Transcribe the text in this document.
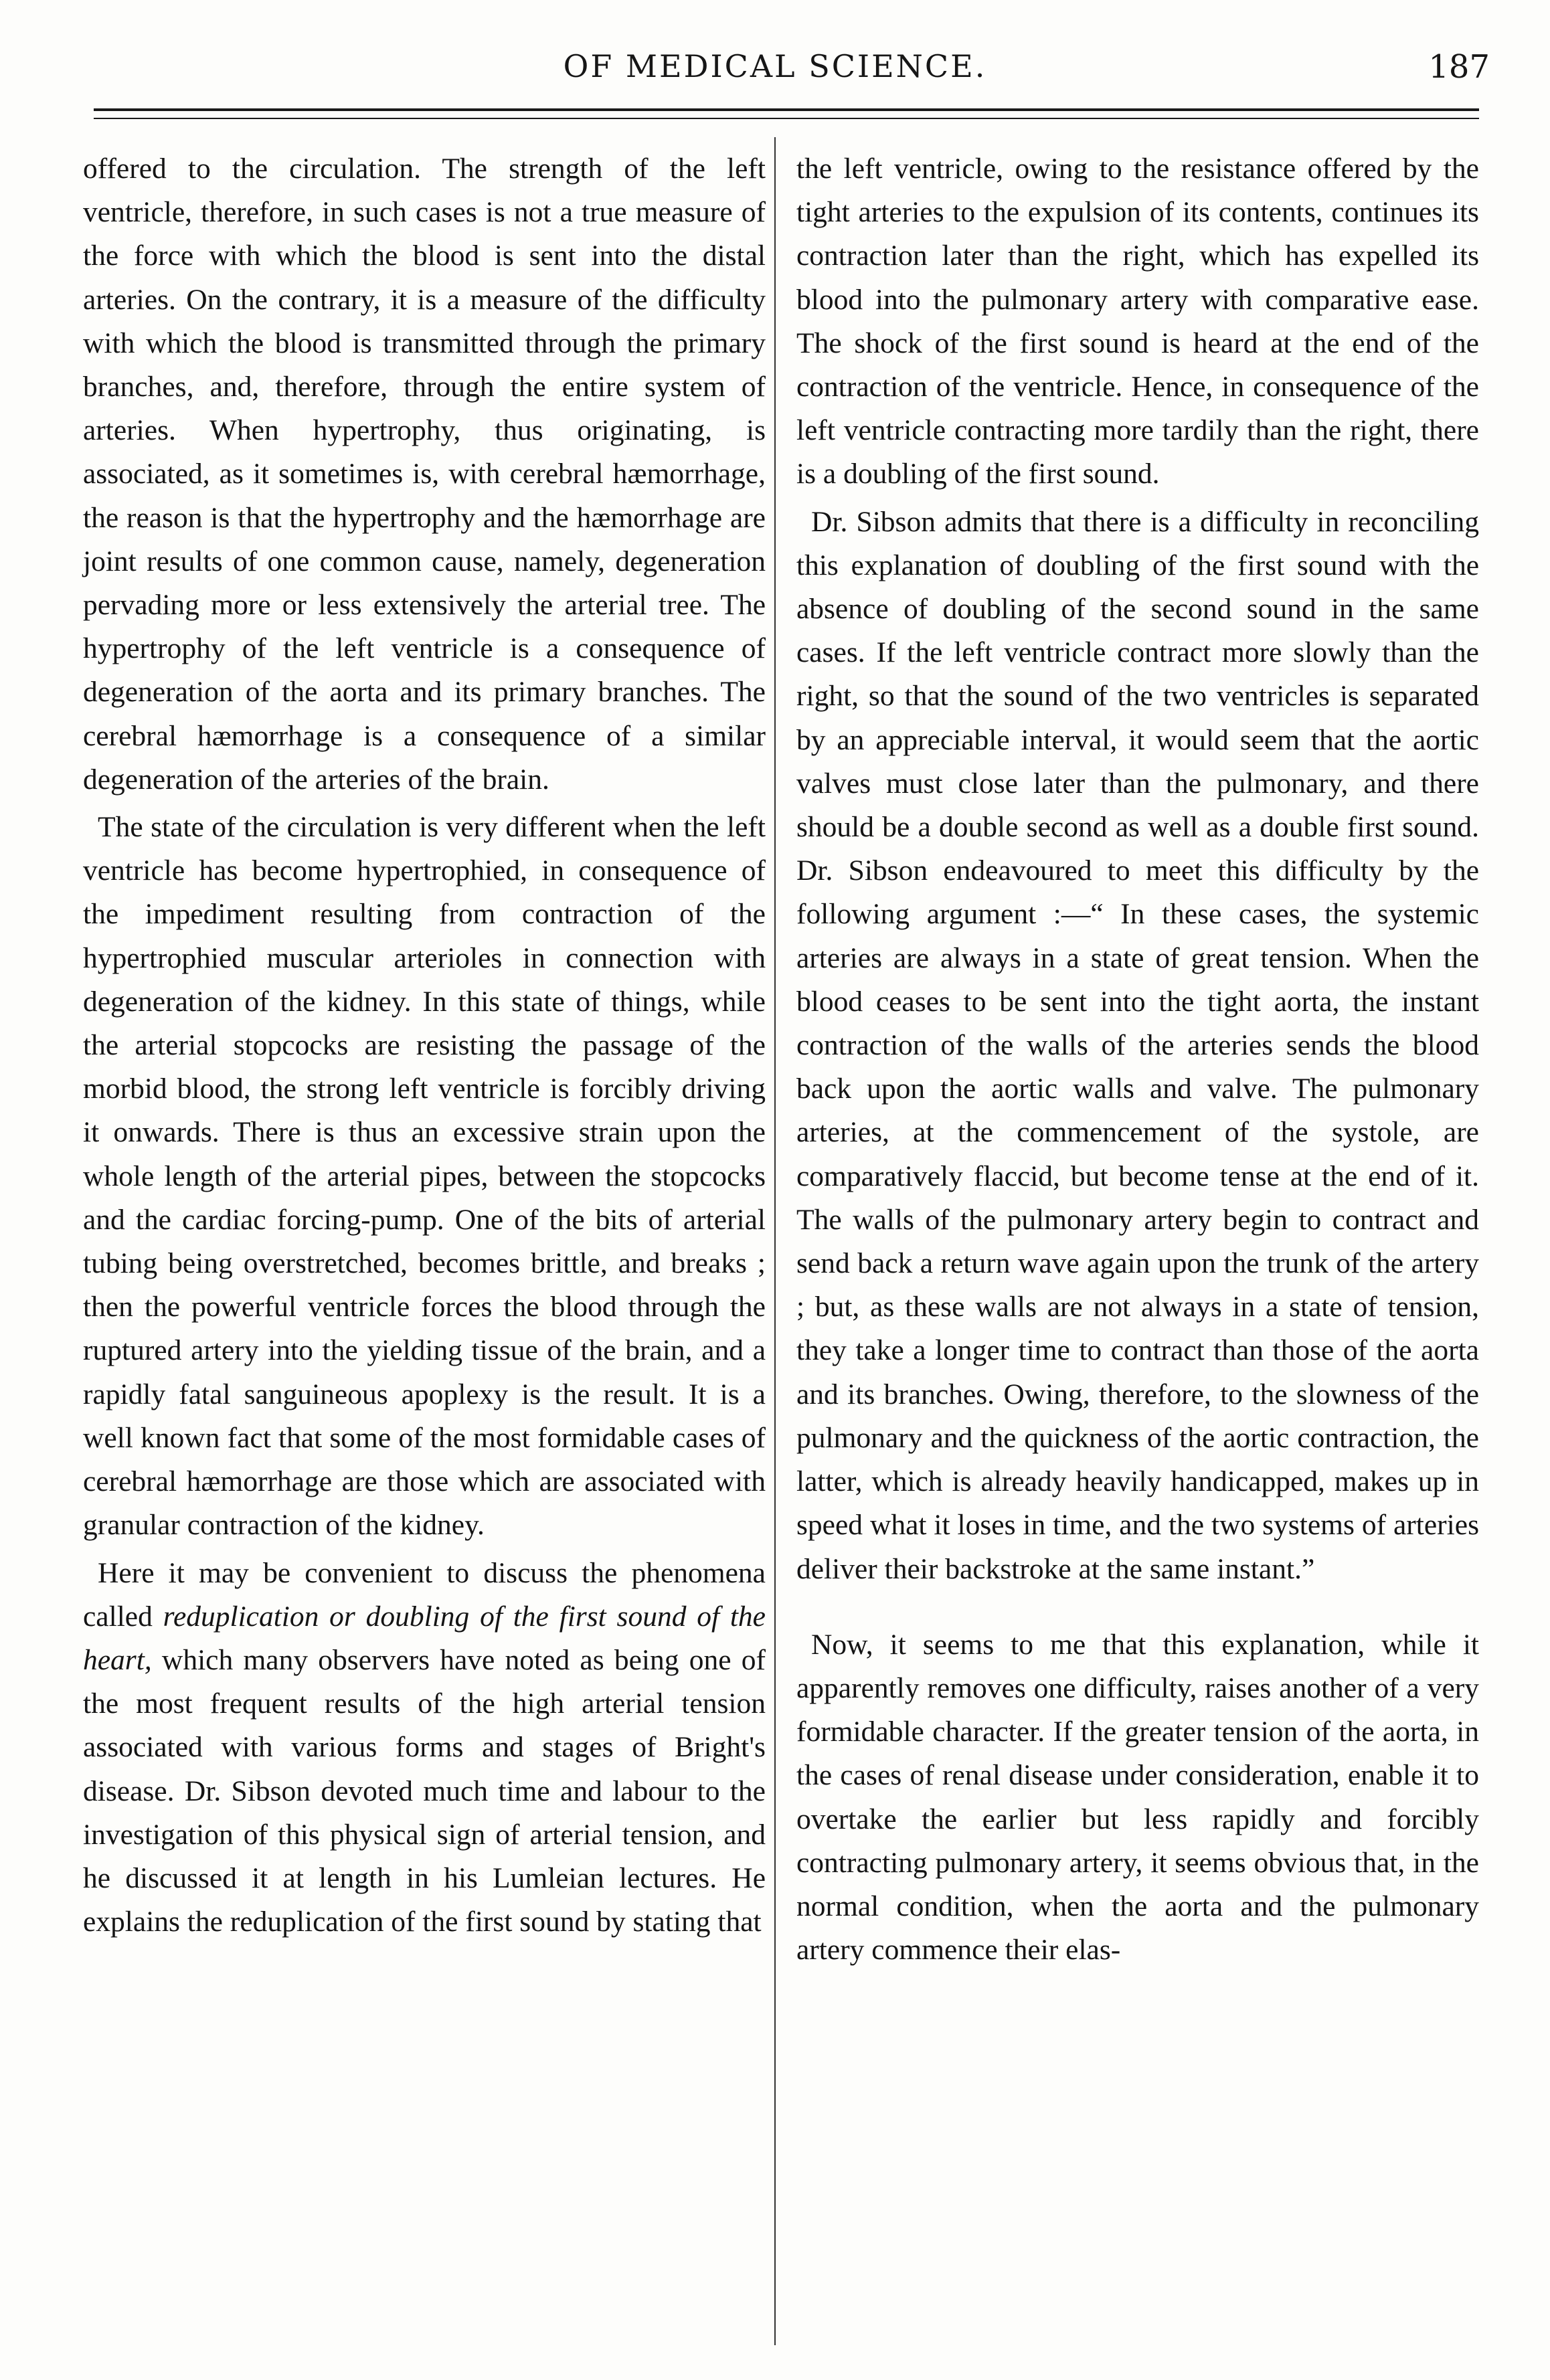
OF MEDICAL SCIENCE.	187

offered to the circulation. The strength of the left ventricle, therefore, in such cases is not a true measure of the force with which the blood is sent into the distal arteries. On the contrary, it is a measure of the difficulty with which the blood is transmitted through the primary branches, and, therefore, through the entire system of arteries. When hypertrophy, thus originating, is associated, as it sometimes is, with cerebral hæmorrhage, the reason is that the hypertrophy and the hæmorrhage are joint results of one common cause, namely, degeneration pervading more or less extensively the arterial tree. The hypertrophy of the left ventricle is a consequence of degeneration of the aorta and its primary branches. The cerebral hæmorrhage is a consequence of a similar degeneration of the arteries of the brain.

The state of the circulation is very different when the left ventricle has become hypertrophied, in consequence of the impediment resulting from contraction of the hypertrophied muscular arterioles in connection with degeneration of the kidney. In this state of things, while the arterial stopcocks are resisting the passage of the morbid blood, the strong left ventricle is forcibly driving it onwards. There is thus an excessive strain upon the whole length of the arterial pipes, between the stopcocks and the cardiac forcing-pump. One of the bits of arterial tubing being overstretched, becomes brittle, and breaks ; then the powerful ventricle forces the blood through the ruptured artery into the yielding tissue of the brain, and a rapidly fatal sanguineous apoplexy is the result. It is a well known fact that some of the most formidable cases of cerebral hæmorrhage are those which are associated with granular contraction of the kidney.

Here it may be convenient to discuss the phenomena called reduplication or doubling of the first sound of the heart, which many observers have noted as being one of the most frequent results of the high arterial tension associated with various forms and stages of Bright's disease. Dr. Sibson devoted much time and labour to the investigation of this physical sign of arterial tension, and he discussed it at length in his Lumleian lectures. He explains the reduplication of the first sound by stating that

the left ventricle, owing to the resistance offered by the tight arteries to the expulsion of its contents, continues its contraction later than the right, which has expelled its blood into the pulmonary artery with comparative ease. The shock of the first sound is heard at the end of the contraction of the ventricle. Hence, in consequence of the left ventricle contracting more tardily than the right, there is a doubling of the first sound.

Dr. Sibson admits that there is a difficulty in reconciling this explanation of doubling of the first sound with the absence of doubling of the second sound in the same cases. If the left ventricle contract more slowly than the right, so that the sound of the two ventricles is separated by an appreciable interval, it would seem that the aortic valves must close later than the pulmonary, and there should be a double second as well as a double first sound. Dr. Sibson endeavoured to meet this difficulty by the following argument :—“ In these cases, the systemic arteries are always in a state of great tension. When the blood ceases to be sent into the tight aorta, the instant contraction of the walls of the arteries sends the blood back upon the aortic walls and valve. The pulmonary arteries, at the commencement of the systole, are comparatively flaccid, but become tense at the end of it. The walls of the pulmonary artery begin to contract and send back a return wave again upon the trunk of the artery ; but, as these walls are not always in a state of tension, they take a longer time to contract than those of the aorta and its branches. Owing, therefore, to the slowness of the pulmonary and the quickness of the aortic contraction, the latter, which is already heavily handicapped, makes up in speed what it loses in time, and the two systems of arteries deliver their backstroke at the same instant.”

Now, it seems to me that this explanation, while it apparently removes one difficulty, raises another of a very formidable character. If the greater tension of the aorta, in the cases of renal disease under consideration, enable it to overtake the earlier but less rapidly and forcibly contracting pulmonary artery, it seems obvious that, in the normal condition, when the aorta and the pulmonary artery commence their elas-
